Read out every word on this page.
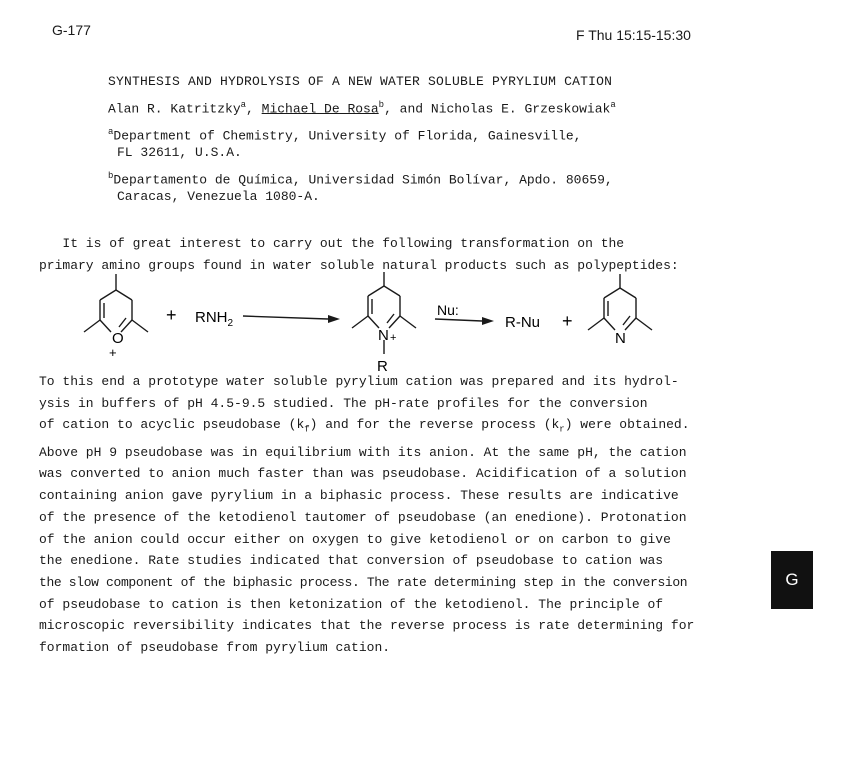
G-177	F Thu 15:15-15:30
SYNTHESIS AND HYDROLYSIS OF A NEW WATER SOLUBLE PYRYLIUM CATION
Alan R. Katritzky$^a$, Michael De Rosa$^b$, and Nicholas E. Grzeskowiak$^a$
$^a$Department of Chemistry, University of Florida, Gainesville,
FL 32611, U.S.A.
$^b$Departamento de Química, Universidad Simón Bolívar, Apdo. 80659,
Caracas, Venezuela 1080-A.
It is of great interest to carry out the following transformation on the
primary amino groups found in water soluble natural products such as polypeptides:
O
+
+ $RNH_2$
N +
R
Nu:
R-Nu +
N
To this end a prototype water soluble pyrylium cation was prepared and its hydrol-
ysis in buffers of pH 4.5-9.5 studied. The pH-rate profiles for the conversion
of cation to acyclic pseudobase $(k_f)$ and for the reverse process $(k_r)$ were obtained.
Above pH 9 pseudobase was in equilibrium with its anion. At the same pH, the cation
was converted to anion much faster than was pseudobase. Acidification of a solution
containing anion gave pyrylium in a biphasic process. These results are indicative
of the presence of the ketodienol tautomer of pseudobase (an enedione). Protonation
of the anion could occur either on oxygen to give ketodienol or on carbon to give
the enedione. Rate studies indicated that conversion of pseudobase to cation was
the slow component of the biphasic process. The rate determining step in the conversion
of pseudobase to cation is then ketonization of the ketodienol. The principle of
microscopic reversibility indicates that the reverse process is rate determining for
formation of pseudobase from pyrylium cation.
G
